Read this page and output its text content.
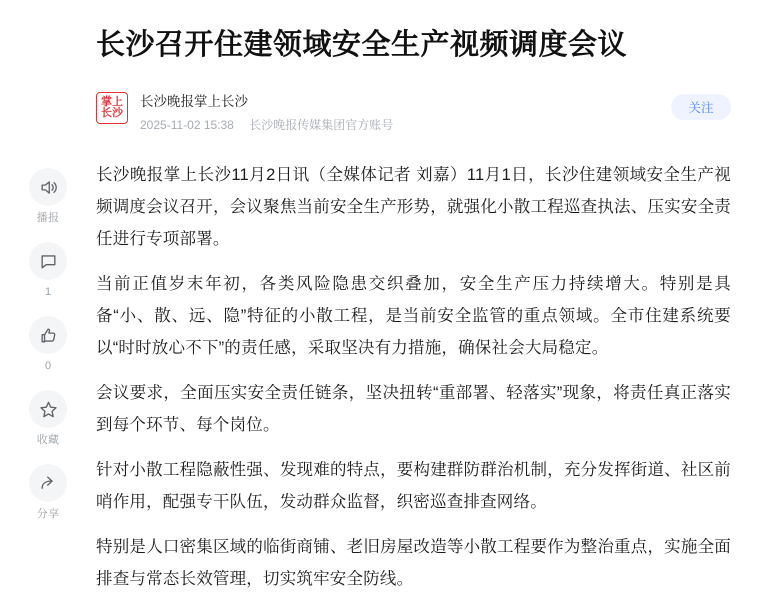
播报
1
0
收藏
分享
长沙召开住建领域安全生产视频调度会议
掌上
长沙
长沙晚报掌上长沙
2025-11-02 15:38 长沙晚报传媒集团官方账号
关注

长沙晚报掌上长沙11月2日讯（全媒体记者 刘嘉）11月1日，长沙住建领域安全生产视频调度会议召开，会议聚焦当前安全生产形势，就强化小散工程巡查执法、压实安全责任进行专项部署。

当前正值岁末年初，各类风险隐患交织叠加，安全生产压力持续增大。特别是具备“小、散、远、隐”特征的小散工程，是当前安全监管的重点领域。全市住建系统要以“时时放心不下”的责任感，采取坚决有力措施，确保社会大局稳定。

会议要求，全面压实安全责任链条，坚决扭转“重部署、轻落实”现象，将责任真正落实到每个环节、每个岗位。

针对小散工程隐蔽性强、发现难的特点，要构建群防群治机制，充分发挥街道、社区前哨作用，配强专干队伍，发动群众监督，织密巡查排查网络。

特别是人口密集区域的临街商铺、老旧房屋改造等小散工程要作为整治重点，实施全面排查与常态长效管理，切实筑牢安全防线。
